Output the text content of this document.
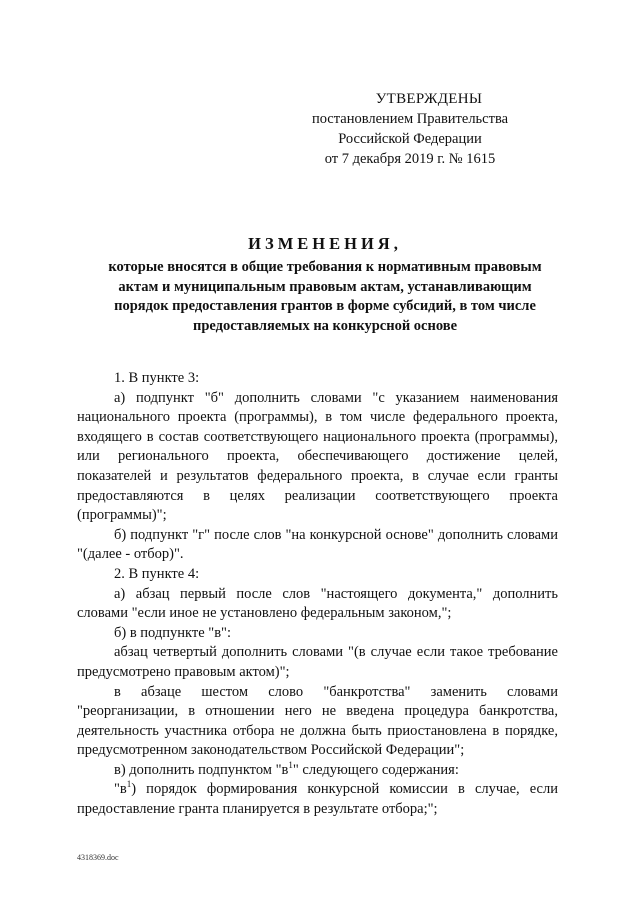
УТВЕРЖДЕНЫ
постановлением Правительства
Российской Федерации
от 7 декабря 2019 г. № 1615
ИЗМЕНЕНИЯ,
которые вносятся в общие требования к нормативным правовым актам и муниципальным правовым актам, устанавливающим порядок предоставления грантов в форме субсидий, в том числе предоставляемых на конкурсной основе

1. В пункте 3:

а) подпункт "б" дополнить словами "с указанием наименования национального проекта (программы), в том числе федерального проекта, входящего в состав соответствующего национального проекта (программы), или регионального проекта, обеспечивающего достижение целей, показателей и результатов федерального проекта, в случае если гранты предоставляются в целях реализации соответствующего проекта (программы)";

б) подпункт "г" после слов "на конкурсной основе" дополнить словами "(далее - отбор)".

2. В пункте 4:

а) абзац первый после слов "настоящего документа," дополнить словами "если иное не установлено федеральным законом,";

б) в подпункте "в":

абзац четвертый дополнить словами "(в случае если такое требование предусмотрено правовым актом)";

в абзаце шестом слово "банкротства" заменить словами "реорганизации, в отношении него не введена процедура банкротства, деятельность участника отбора не должна быть приостановлена в порядке, предусмотренном законодательством Российской Федерации";

в) дополнить подпунктом "$в^1$" следующего содержания:

"$в^1$) порядок формирования конкурсной комиссии в случае, если предоставление гранта планируется в результате отбора;";

4318369.doc
